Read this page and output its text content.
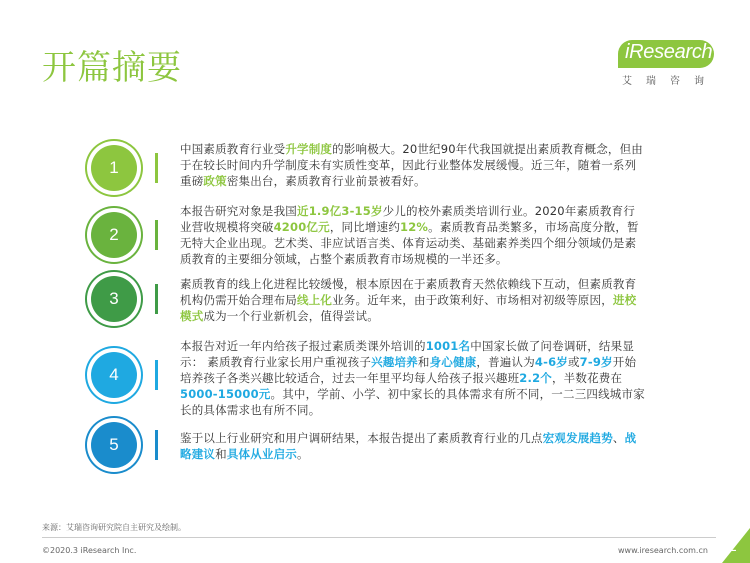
开篇摘要	iResearch
艾瑞咨询
1
中国素质教育行业受升学制度的影响极大。20世纪90年代我国就提出素质教育概念，但由于在较长时间内升学制度未有实质性变革，因此行业整体发展缓慢。近三年，随着一系列重磅政策密集出台，素质教育行业前景被看好。
2
本报告研究对象是我国近1.9亿3-15岁少儿的校外素质类培训行业。2020年素质教育行业营收规模将突破4200亿元，同比增速约12%。素质教育品类繁多，市场高度分散，暂无特大企业出现。艺术类、非应试语言类、体育运动类、基础素养类四个细分领域仍是素质教育的主要细分领域，占整个素质教育市场规模的一半还多。
3
素质教育的线上化进程比较缓慢，根本原因在于素质教育天然依赖线下互动，但素质教育机构仍需开始合理布局线上化业务。近年来，由于政策利好、市场相对初级等原因，进校模式成为一个行业新机会，值得尝试。
4
本报告对近一年内给孩子报过素质类课外培训的1001名中国家长做了问卷调研，结果显示： 素质教育行业家长用户重视孩子兴趣培养和身心健康，普遍认为4-6岁或7-9岁开始培养孩子各类兴趣比较适合，过去一年里平均每人给孩子报兴趣班2.2个，半数花费在5000-15000元。其中，学前、小学、初中家长的具体需求有所不同，一二三四线城市家长的具体需求也有所不同。
5	鉴于以上行业研究和用户调研结果，本报告提出了素质教育行业的几点宏观发展趋势、战略建议和具体从业启示。
来源：艾瑞咨询研究院自主研究及绘制。
©2020.3 iResearch Inc.	www.iresearch.com.cn 2
